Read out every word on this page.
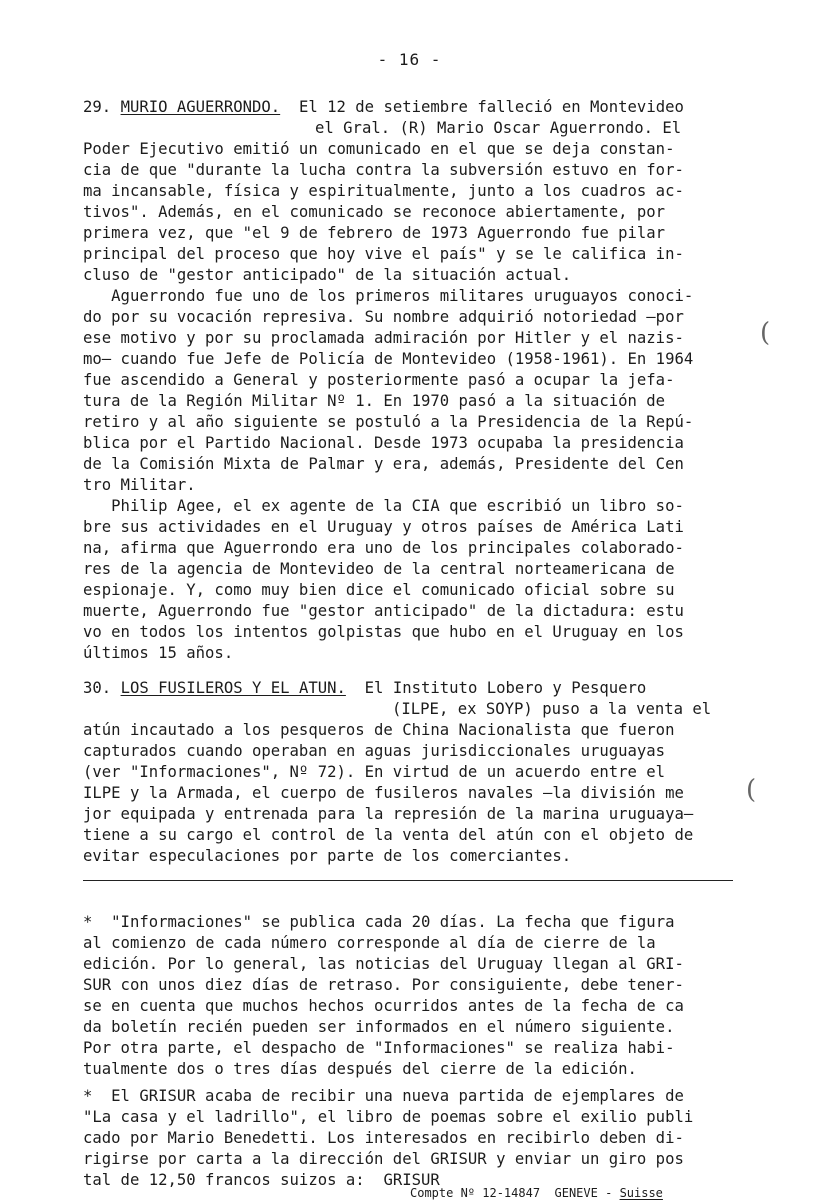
- 16 -
29. MURIO AGUERRONDO. El 12 de setiembre falleció en Montevideo
el Gral. (R) Mario Oscar Aguerrondo. El
Poder Ejecutivo emitió un comunicado en el que se deja constan-
cia de que "durante la lucha contra la subversión estuvo en for-
ma incansable, física y espiritualmente, junto a los cuadros ac-
tivos". Además, en el comunicado se reconoce abiertamente, por
primera vez, que "el 9 de febrero de 1973 Aguerrondo fue pilar
principal del proceso que hoy vive el país" y se le califica in-
cluso de "gestor anticipado" de la situación actual.
Aguerrondo fue uno de los primeros militares uruguayos conoci-
do por su vocación represiva. Su nombre adquirió notoriedad —por
ese motivo y por su proclamada admiración por Hitler y el nazis-
mo— cuando fue Jefe de Policía de Montevideo (1958-1961). En 1964
fue ascendido a General y posteriormente pasó a ocupar la jefa-
tura de la Región Militar Nº 1. En 1970 pasó a la situación de
retiro y al año siguiente se postuló a la Presidencia de la Repú-
blica por el Partido Nacional. Desde 1973 ocupaba la presidencia
de la Comisión Mixta de Palmar y era, además, Presidente del Cen
tro Militar.
Philip Agee, el ex agente de la CIA que escribió un libro so-
bre sus actividades en el Uruguay y otros países de América Lati
na, afirma que Aguerrondo era uno de los principales colaborado-
res de la agencia de Montevideo de la central norteamericana de
espionaje. Y, como muy bien dice el comunicado oficial sobre su
muerte, Aguerrondo fue "gestor anticipado" de la dictadura: estu
vo en todos los intentos golpistas que hubo en el Uruguay en los
últimos 15 años.
30. LOS FUSILEROS Y EL ATUN. El Instituto Lobero y Pesquero
(ILPE, ex SOYP) puso a la venta el
atún incautado a los pesqueros de China Nacionalista que fueron
capturados cuando operaban en aguas jurisdiccionales uruguayas
(ver "Informaciones", Nº 72). En virtud de un acuerdo entre el
ILPE y la Armada, el cuerpo de fusileros navales —la división me
jor equipada y entrenada para la represión de la marina uruguaya—
tiene a su cargo el control de la venta del atún con el objeto de
evitar especulaciones por parte de los comerciantes.
* "Informaciones" se publica cada 20 días. La fecha que figura
al comienzo de cada número corresponde al día de cierre de la
edición. Por lo general, las noticias del Uruguay llegan al GRI-
SUR con unos diez días de retraso. Por consiguiente, debe tener-
se en cuenta que muchos hechos ocurridos antes de la fecha de ca
da boletín recién pueden ser informados en el número siguiente.
Por otra parte, el despacho de "Informaciones" se realiza habi-
tualmente dos o tres días después del cierre de la edición.
* El GRISUR acaba de recibir una nueva partida de ejemplares de
"La casa y el ladrillo", el libro de poemas sobre el exilio publi
cado por Mario Benedetti. Los interesados en recibirlo deben di-
rigirse por carta a la dirección del GRISUR y enviar un giro pos
tal de 12,50 francos suizos a: GRISUR
Compte Nº 12-14847 GENEVE - Suisse
(
(
